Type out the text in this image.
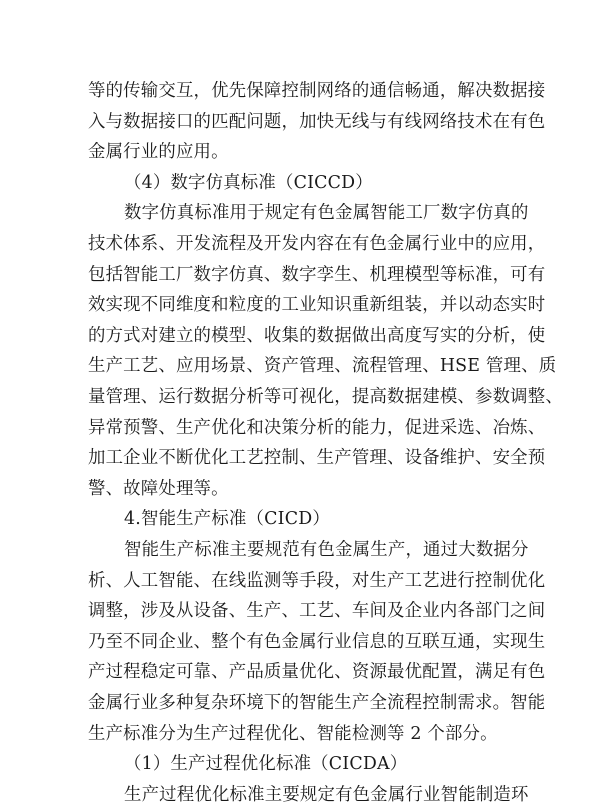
等的传输交互，优先保障控制网络的通信畅通，解决数据接
入与数据接口的匹配问题，加快无线与有线网络技术在有色
金属行业的应用。
（4）数字仿真标准（CICCD）
数字仿真标准用于规定有色金属智能工厂数字仿真的
技术体系、开发流程及开发内容在有色金属行业中的应用，
包括智能工厂数字仿真、数字孪生、机理模型等标准，可有
效实现不同维度和粒度的工业知识重新组装，并以动态实时
的方式对建立的模型、收集的数据做出高度写实的分析，使
生产工艺、应用场景、资产管理、流程管理、HSE 管理、质
量管理、运行数据分析等可视化，提高数据建模、参数调整、
异常预警、生产优化和决策分析的能力，促进采选、冶炼、
加工企业不断优化工艺控制、生产管理、设备维护、安全预
警、故障处理等。
4.智能生产标准（CICD）
智能生产标准主要规范有色金属生产，通过大数据分
析、人工智能、在线监测等手段，对生产工艺进行控制优化
调整，涉及从设备、生产、工艺、车间及企业内各部门之间
乃至不同企业、整个有色金属行业信息的互联互通，实现生
产过程稳定可靠、产品质量优化、资源最优配置，满足有色
金属行业多种复杂环境下的智能生产全流程控制需求。智能
生产标准分为生产过程优化、智能检测等 2 个部分。
（1）生产过程优化标准（CICDA）
生产过程优化标准主要规定有色金属行业智能制造环
